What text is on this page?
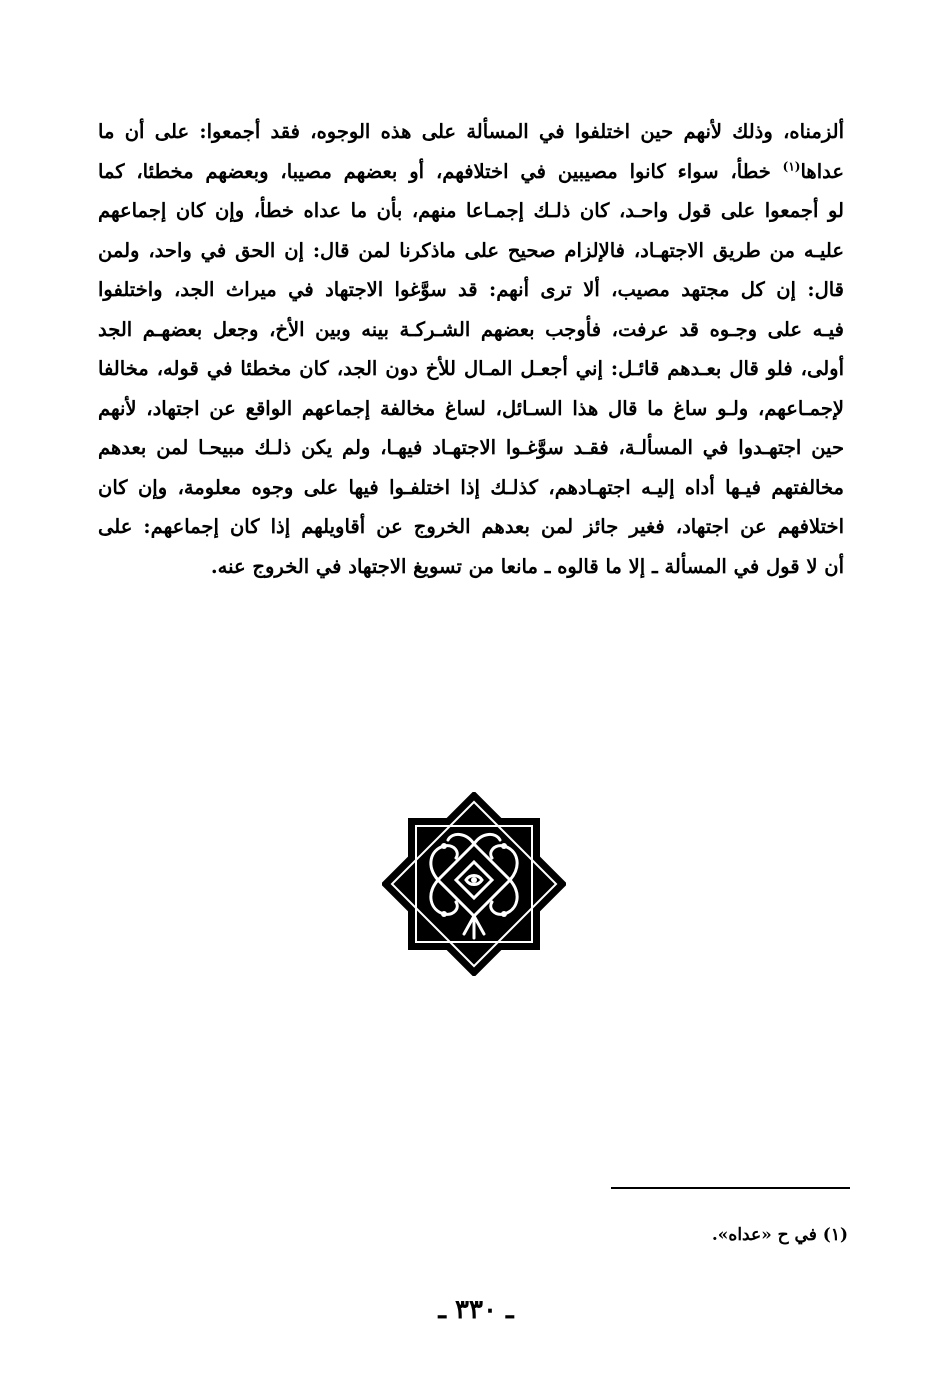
ألزمناه، وذلك لأنهم حين اختلفوا في المسألة على هذه الوجوه، فقد أجمعوا: على أن ما
عداها$^{(١)}$ خطأ، سواء كانوا مصيبين في اختلافهم، أو بعضهم مصيبا، وبعضهم مخطئا، كما
لو أجمعوا على قول واحـد، كان ذلـك إجمـاعا منهم، بأن ما عداه خطأ، وإن كان إجماعهم
عليـه من طريق الاجتهـاد، فالإلزام صحيح على ماذكرنا لمن قال: إن الحق في واحد، ولمن
قال: إن كل مجتهد مصيب، ألا ترى أنهم: قد سوَّغوا الاجتهاد في ميراث الجد، واختلفوا
فيـه على وجـوه قد عرفت، فأوجب بعضهم الشـركـة بينه وبين الأخ، وجعل بعضهـم الجد
أولى، فلو قال بعـدهم قائـل: إني أجعـل المـال للأخ دون الجد، كان مخطئا في قوله، مخالفا
لإجمـاعهم، ولـو ساغ ما قال هذا السـائل، لساغ مخالفة إجماعهم الواقع عن اجتهاد، لأنهم
حين اجتهـدوا في المسألـة، فقـد سوَّغـوا الاجتهـاد فيهـا، ولم يكن ذلـك مبيحـا لمن بعدهم
مخالفتهم فيـها أداه إليـه اجتهـادهم، كذلـك إذا اختلفـوا فيها على وجوه معلومة، وإن كان
اختلافهم عن اجتهاد، فغير جائز لمن بعدهم الخروج عن أقاويلهم إذا كان إجماعهم: على
أن لا قول في المسألة ـ إلا ما قالوه ـ مانعا من تسويغ الاجتهاد في الخروج عنه.

(١) في ح «عداه».

ـ ٣٣٠ ـ
